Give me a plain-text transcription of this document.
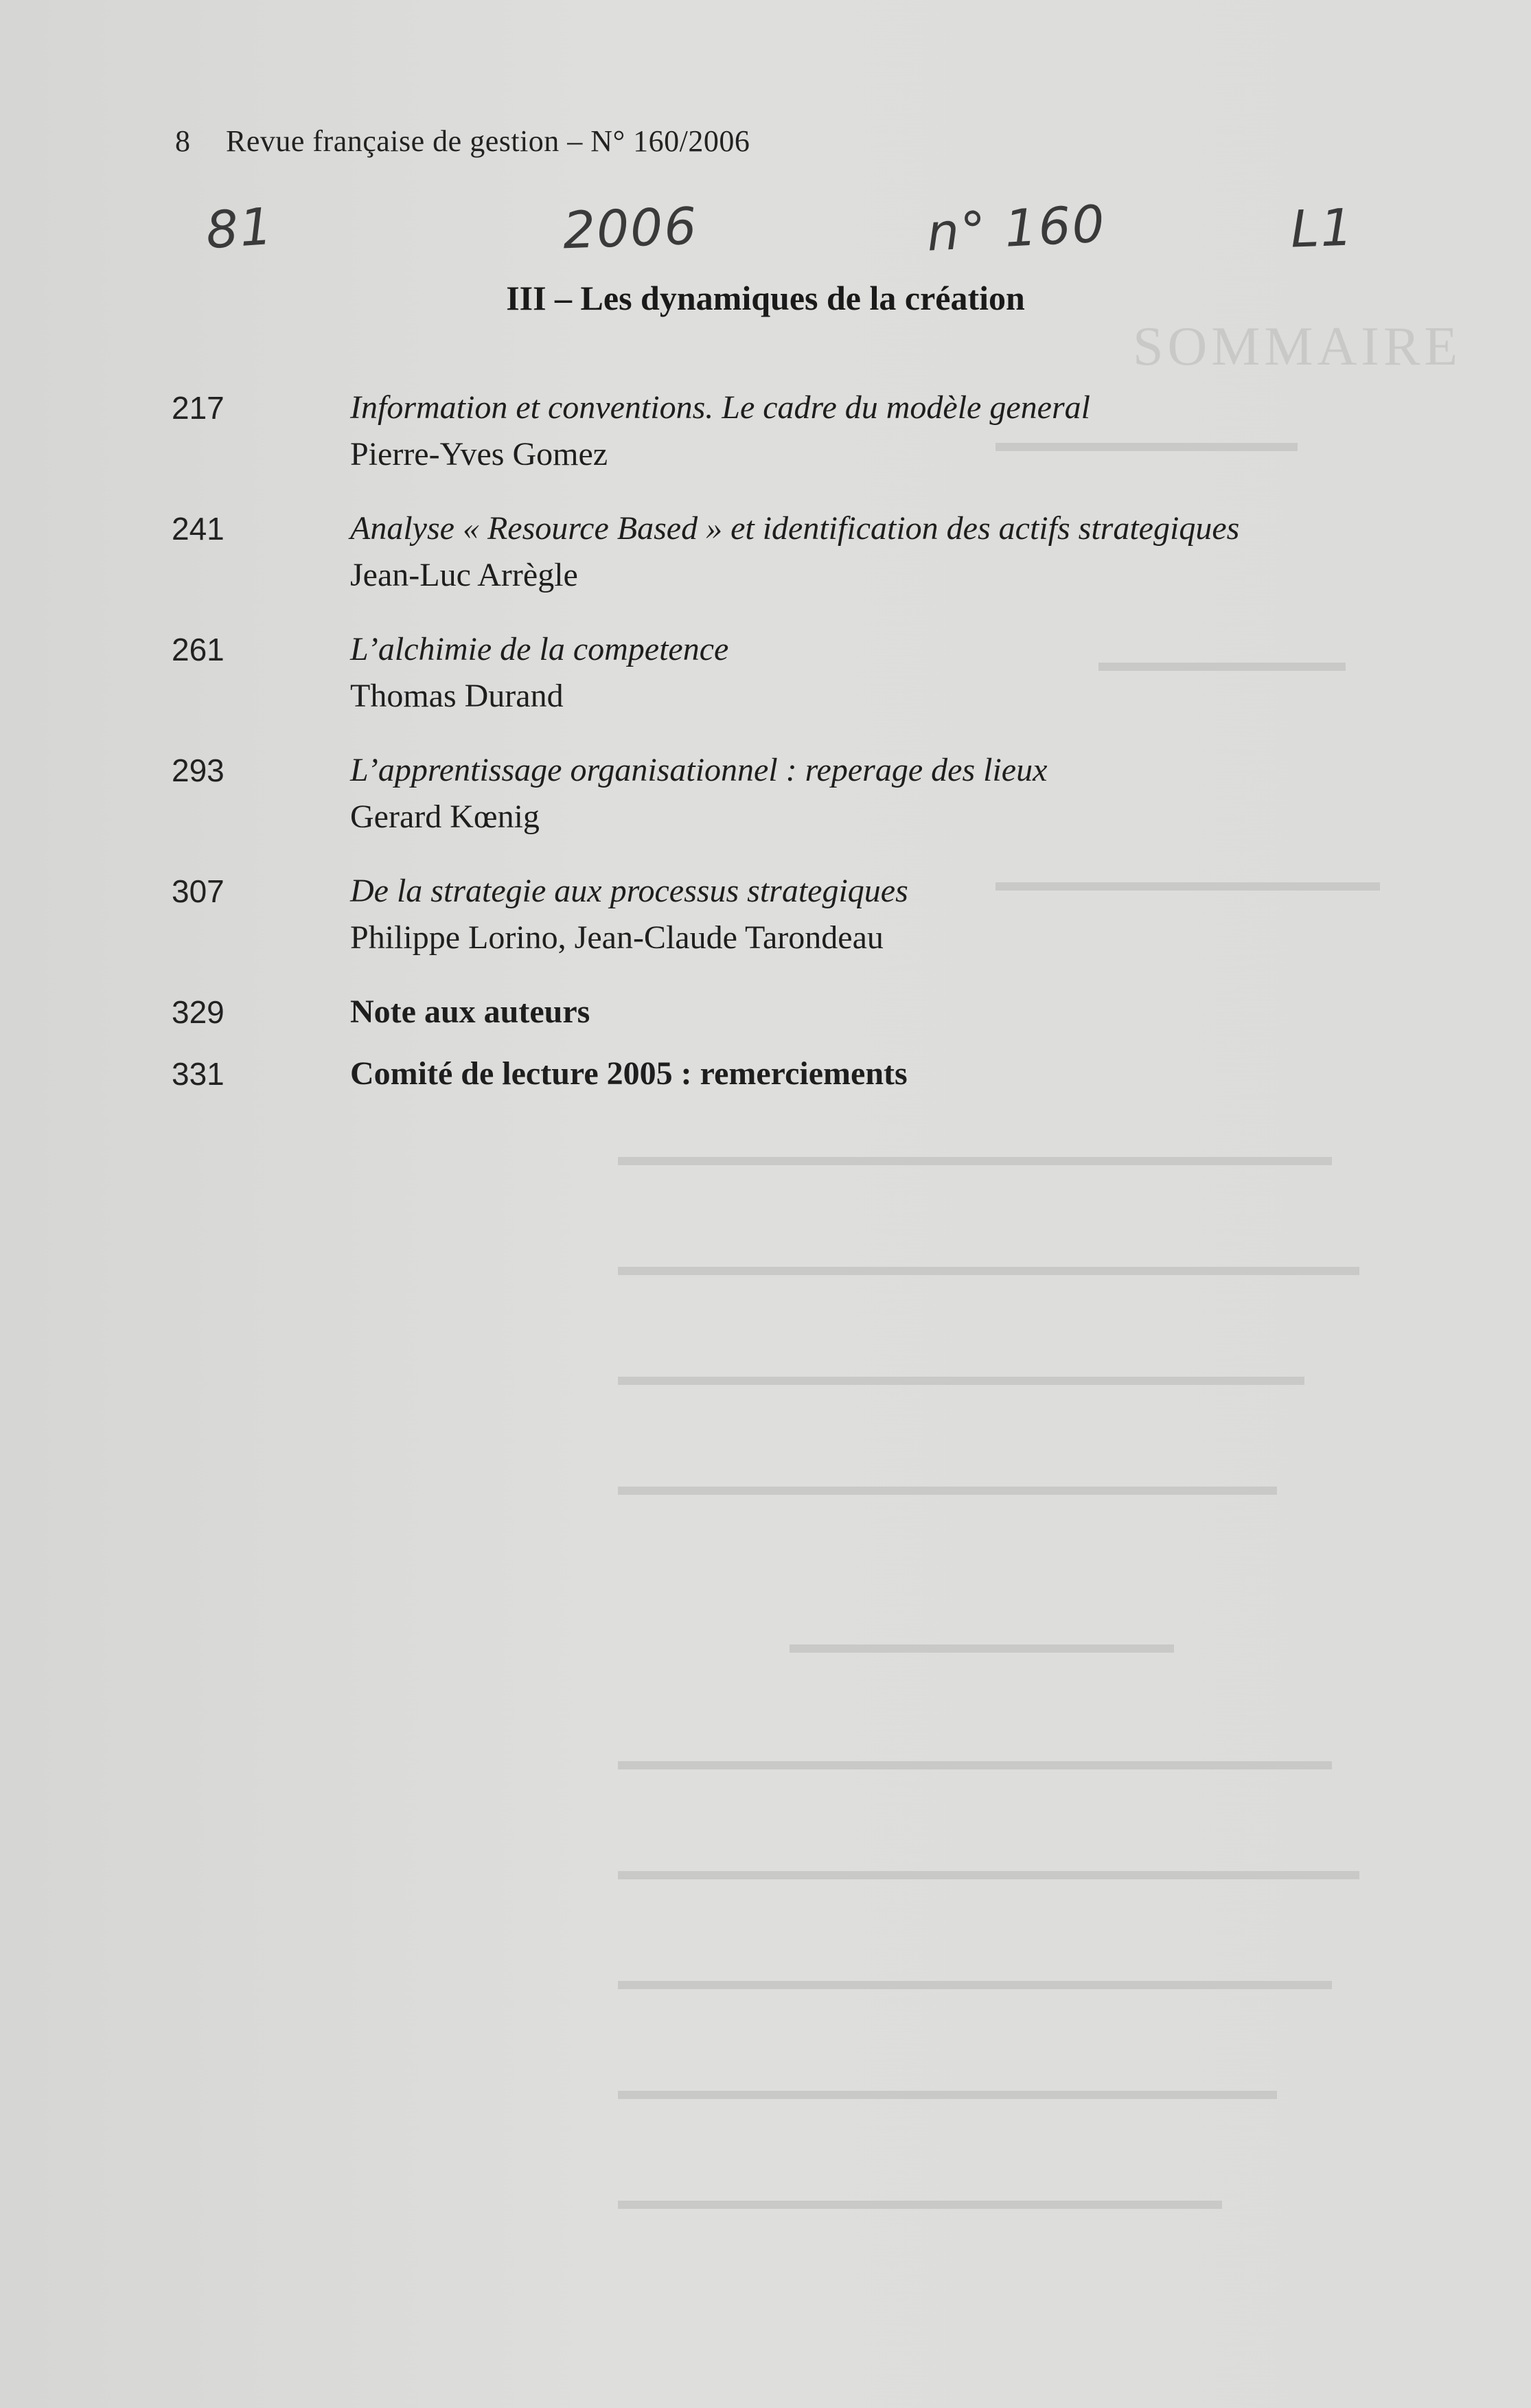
SOMMAIRE
▬▬▬▬▬▬▬▬▬▬▬
▬▬▬▬▬▬▬▬▬
▬▬▬▬▬▬▬▬▬▬▬▬▬▬
▬▬▬▬▬▬▬▬▬▬▬▬▬▬▬▬▬▬▬▬▬▬▬▬▬▬
▬▬▬▬▬▬▬▬▬▬▬▬▬▬▬▬▬▬▬▬▬▬▬▬▬▬▬
▬▬▬▬▬▬▬▬▬▬▬▬▬▬▬▬▬▬▬▬▬▬▬▬▬
▬▬▬▬▬▬▬▬▬▬▬▬▬▬▬▬▬▬▬▬▬▬▬▬
▬▬▬▬▬▬▬▬▬▬▬▬▬▬
▬▬▬▬▬▬▬▬▬▬▬▬▬▬▬▬▬▬▬▬▬▬▬▬▬▬
▬▬▬▬▬▬▬▬▬▬▬▬▬▬▬▬▬▬▬▬▬▬▬▬▬▬▬
▬▬▬▬▬▬▬▬▬▬▬▬▬▬▬▬▬▬▬▬▬▬▬▬▬▬
▬▬▬▬▬▬▬▬▬▬▬▬▬▬▬▬▬▬▬▬▬▬▬▬
▬▬▬▬▬▬▬▬▬▬▬▬▬▬▬▬▬▬▬▬▬▬
8 Revue française de gestion – N° 160/2006
81	2006	n° 160	L1
III – Les dynamiques de la création
217	Information et conventions. Le cadre du modèle general
Pierre-Yves Gomez
241	Analyse « Resource Based » et identification des actifs strategiques
Jean-Luc Arrègle
261	L’alchimie de la competence
Thomas Durand
293	L’apprentissage organisationnel : reperage des lieux
Gerard Kœnig
307	De la strategie aux processus strategiques
Philippe Lorino, Jean-Claude Tarondeau
329	Note aux auteurs
331	Comité de lecture 2005 : remerciements
